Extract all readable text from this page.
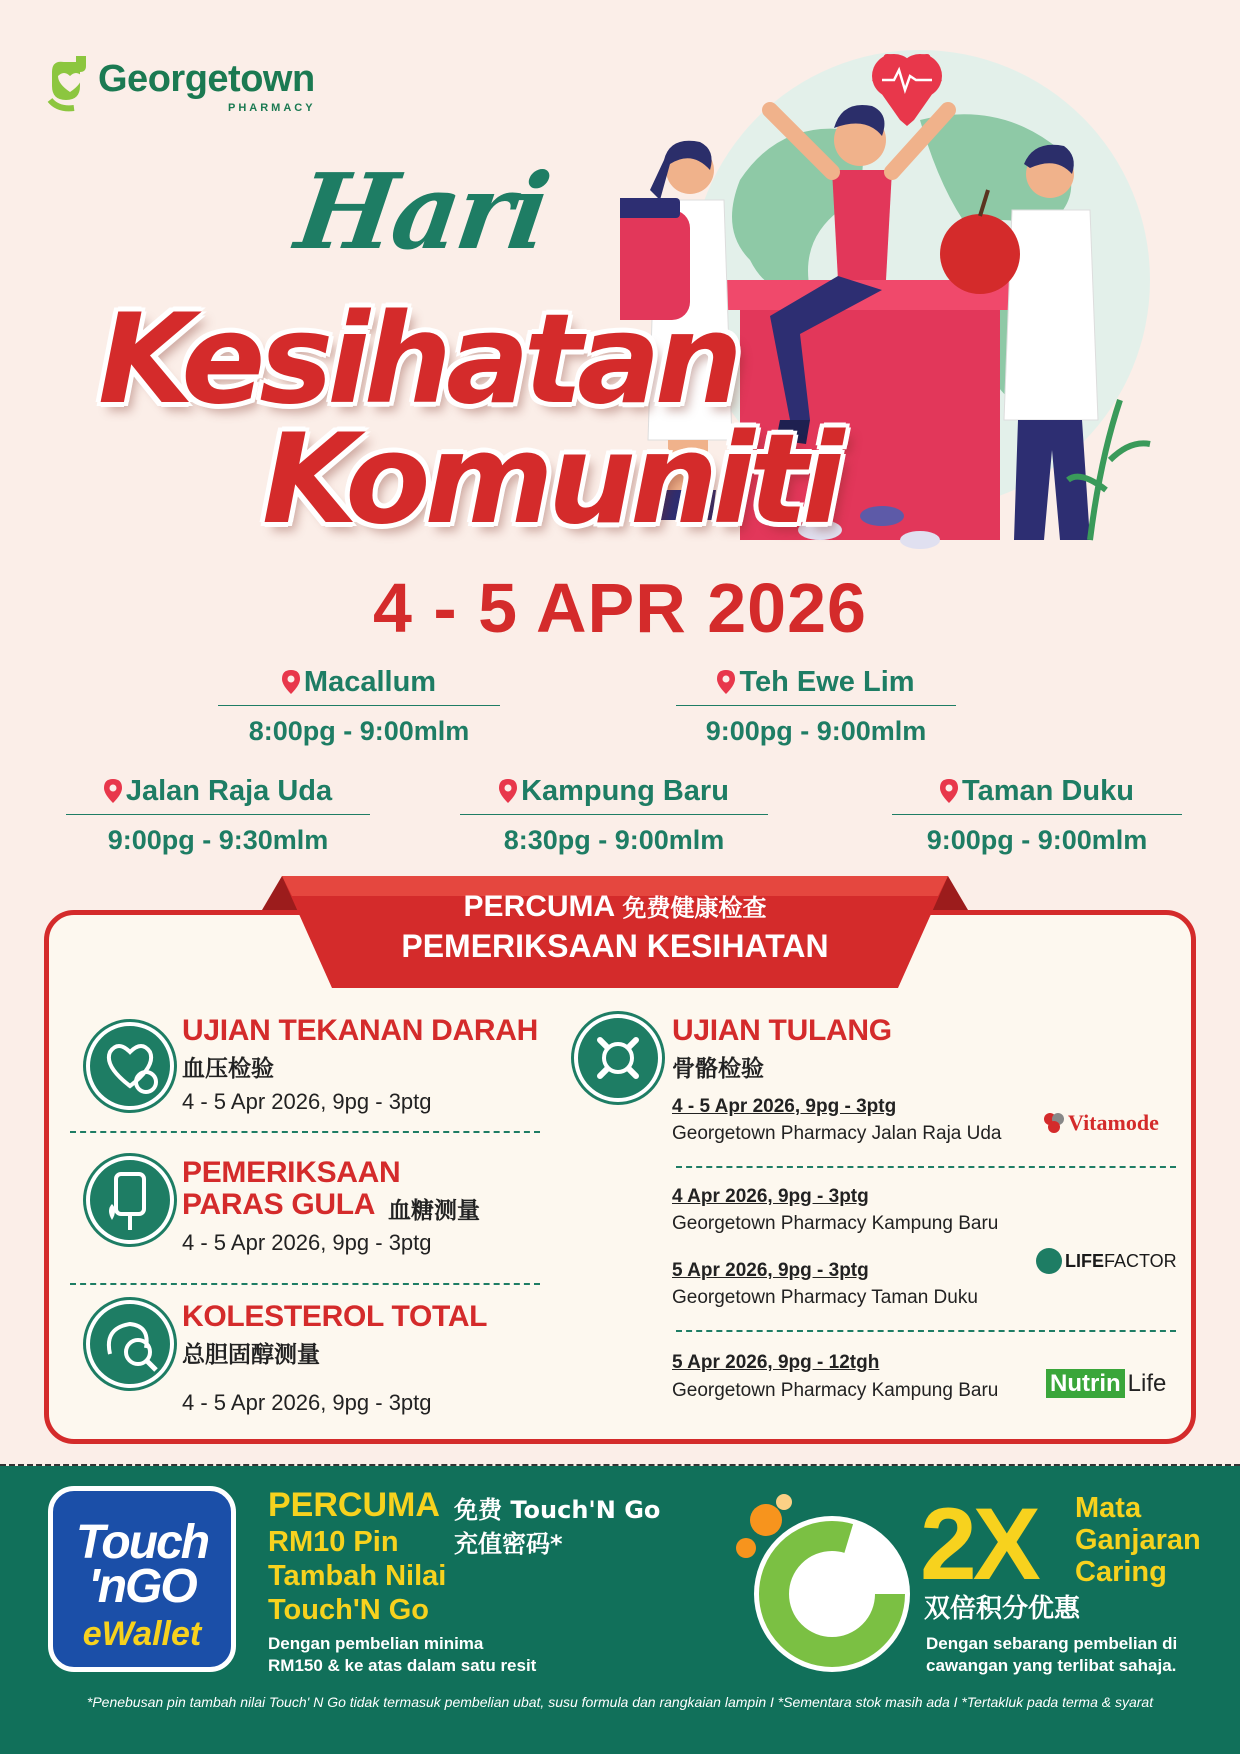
Georgetown
PHARMACY
Hari
Kesihatan
Komuniti
4 - 5 APR 2026
Macallum
8:00pg - 9:00mlm
Teh Ewe Lim
9:00pg - 9:00mlm
Jalan Raja Uda
9:00pg - 9:30mlm
Kampung Baru
8:30pg - 9:00mlm
Taman Duku
9:00pg - 9:00mlm
PERCUMA 免费健康检查
PEMERIKSAAN KESIHATAN
UJIAN TEKANAN DARAH
血压检验
4 - 5 Apr 2026, 9pg - 3ptg
PEMERIKSAAN
PARAS GULA 血糖测量
4 - 5 Apr 2026, 9pg - 3ptg
KOLESTEROL TOTAL
总胆固醇测量
4 - 5 Apr 2026, 9pg - 3ptg
UJIAN TULANG
骨骼检验
4 - 5 Apr 2026, 9pg - 3ptg
Georgetown Pharmacy Jalan Raja Uda	Vitamode
4 Apr 2026, 9pg - 3ptg
Georgetown Pharmacy Kampung Baru
5 Apr 2026, 9pg - 3ptg
Georgetown Pharmacy Taman Duku
LIFEFACTOR
5 Apr 2026, 9pg - 12tgh
Georgetown Pharmacy Kampung Baru Nutrin Life
Touch
'nGO
eWallet
PERCUMA 免费 Touch'N Go
充值密码*
RM10 Pin
Tambah Nilai
Touch'N Go
Dengan pembelian minima
RM150 & ke atas dalam satu resit
2X Mata
Ganjaran
Caring
双倍积分优惠
Dengan sebarang pembelian di
cawangan yang terlibat sahaja.
*Penebusan pin tambah nilai Touch' N Go tidak termasuk pembelian ubat, susu formula dan rangkaian lampin I *Sementara stok masih ada I *Tertakluk pada terma & syarat
